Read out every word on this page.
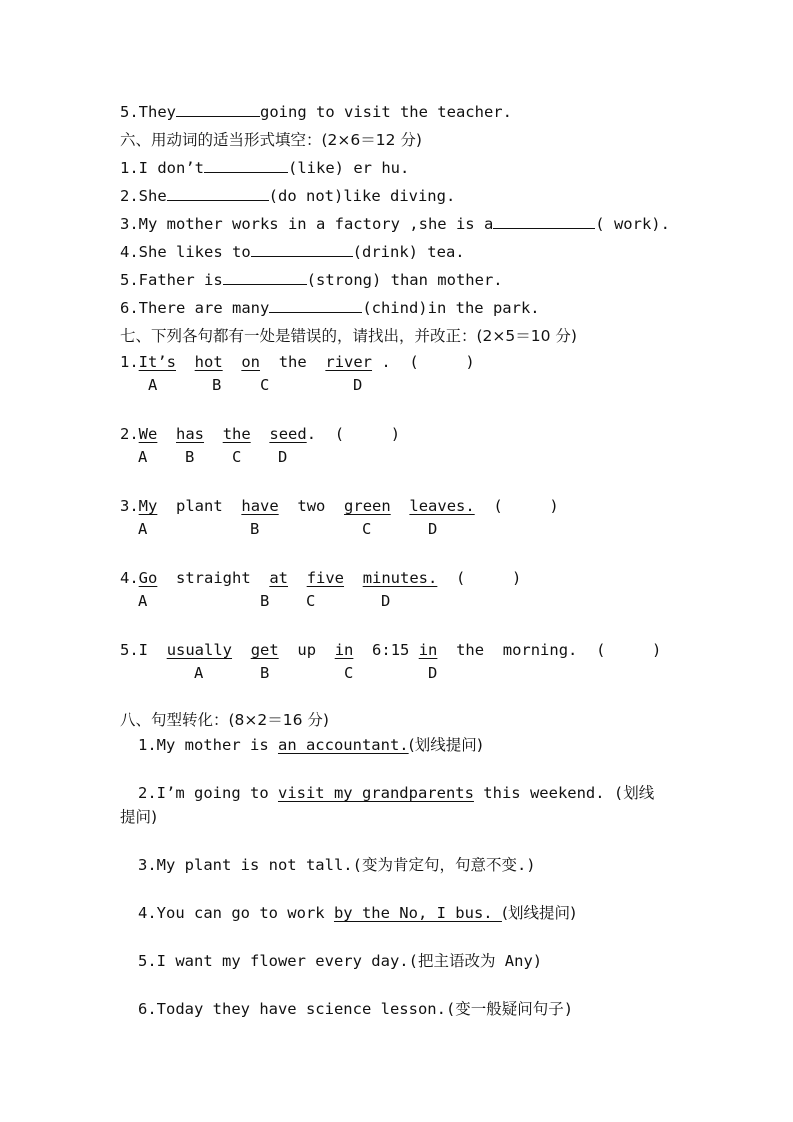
5.They	going to visit the teacher.
六、用动词的适当形式填空：(2×6＝12 分)
1.I don’t	(like) er hu.
2.She	(do not)like diving.
3.My mother works in a factory ,she is a	( work).
4.She likes to	(drink) tea.
5.Father is	(strong) than mother.
6.There are many	(chind)in the park.
七、下列各句都有一处是错误的，请找出，并改正：(2×5＝10 分)
1.It’s hot on the river . (     )
A	B C	D
2.We has the seed. (     )
A B C D
3.My plant have two green leaves. (     )
A	B	C	D
4.Go straight at five minutes. (     )
A	B C	D
5.I usually get up in 6:15 in the morning. (     )
A	B	C	D
八、句型转化：(8×2＝16 分)
1.My mother is an accountant.(划线提问)
2.I’m going to visit my grandparents this weekend. (划线
提问)
3.My plant is not tall.(变为肯定句，句意不变.)
4.You can go to work by the No, I bus. (划线提问)
5.I want my flower every day.(把主语改为 Any)
6.Today they have science lesson.(变一般疑问句子)
